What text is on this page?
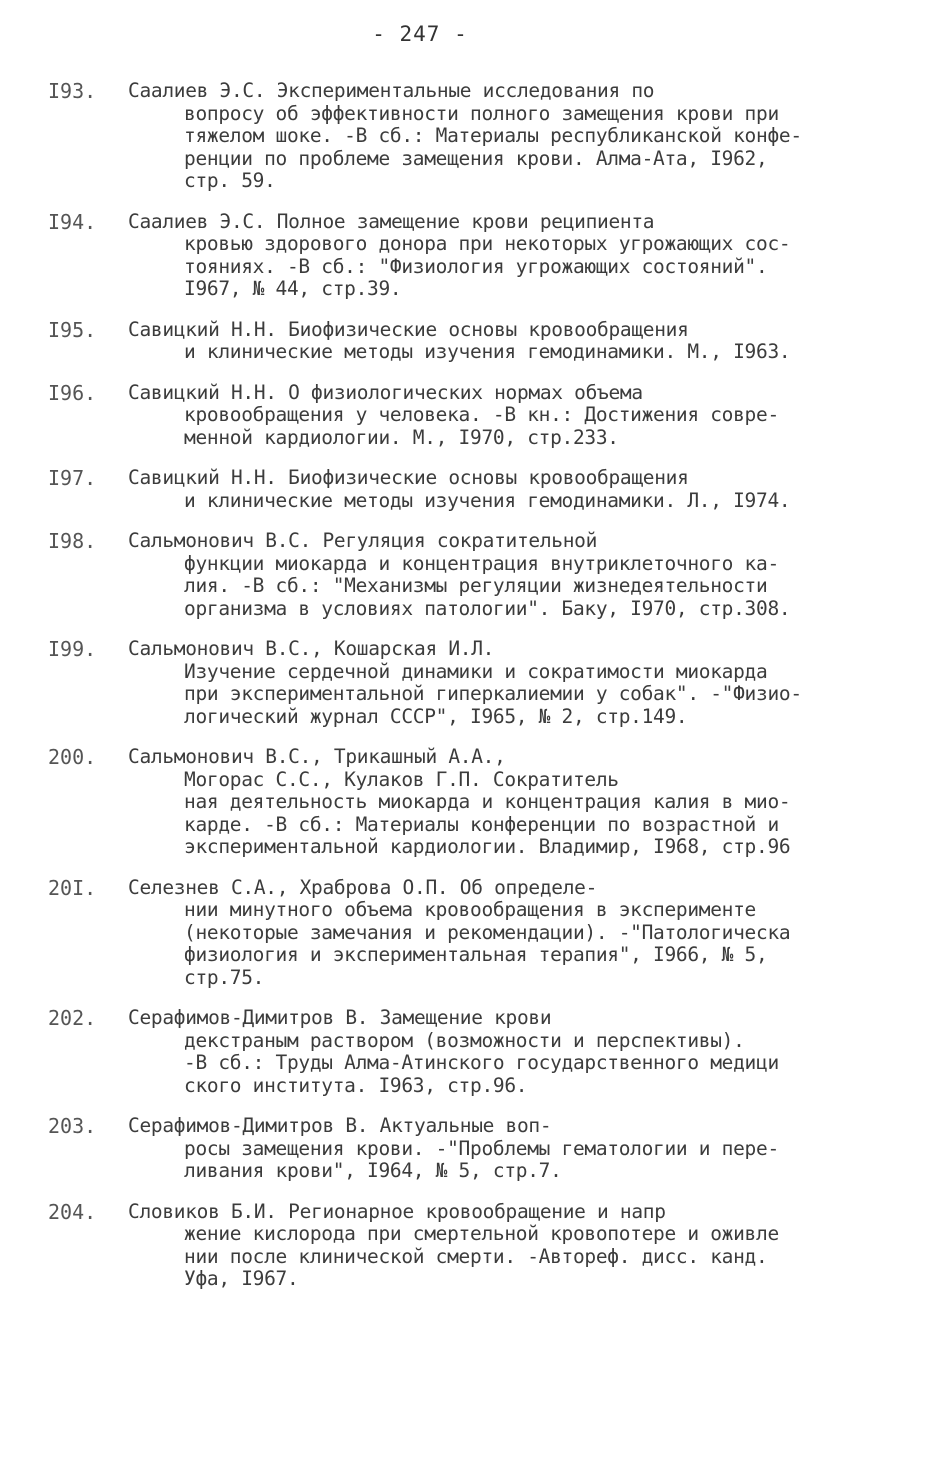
- 247 -
I93.	Саалиев Э.С. Экспериментальные исследования по
вопросу об эффективности полного замещения крови при
тяжелом шоке. -В сб.: Материалы республиканской конфе-
ренции по проблеме замещения крови. Алма-Ата, I962,
стр. 59.
I94.	Саалиев Э.С. Полное замещение крови реципиента
кровью здорового донора при некоторых угрожающих сос-
тояниях. -В сб.: "Физиология угрожающих состояний".
I967, № 44, стр.39.
I95.	Савицкий Н.Н. Биофизические основы кровообращения
и клинические методы изучения гемодинамики. М., I963.
I96.	Савицкий Н.Н. О физиологических нормах объема
кровообращения у человека. -В кн.: Достижения совре-
менной кардиологии. М., I970, стр.233.
I97.	Савицкий Н.Н. Биофизические основы кровообращения
и клинические методы изучения гемодинамики. Л., I974.
I98.	Сальмонович В.С. Регуляция сократительной
функции миокарда и концентрация внутриклеточного ка-
лия. -В сб.: "Механизмы регуляции жизнедеятельности
организма в условиях патологии". Баку, I970, стр.308.
I99.	Сальмонович В.С., Кошарская И.Л.
Изучение сердечной динамики и сократимости миокарда
при экспериментальной гиперкалиемии у собак". -"Физио-
логический журнал СССР", I965, № 2, стр.149.
200.	Сальмонович В.С., Трикашный А.А.,
Могорас С.С., Кулаков Г.П. Сократитель
ная деятельность миокарда и концентрация калия в мио-
карде. -В сб.: Материалы конференции по возрастной и
экспериментальной кардиологии. Владимир, I968, стр.96
20I.	Селезнев С.А., Храброва О.П. Об определе-
нии минутного объема кровообращения в эксперименте
(некоторые замечания и рекомендации). -"Патологическа
физиология и экспериментальная терапия", I966, № 5,
стр.75.
202.	Серафимов-Димитров В. Замещение крови
декстраным раствором (возможности и перспективы).
-В сб.: Труды Алма-Атинского государственного медици
ского института. I963, стр.96.
203.	Серафимов-Димитров В. Актуальные воп-
росы замещения крови. -"Проблемы гематологии и пере-
ливания крови", I964, № 5, стр.7.
204.	Словиков Б.И. Регионарное кровообращение и напр
жение кислорода при смертельной кровопотере и оживле
нии после клинической смерти. -Автореф. дисс. канд.
Уфа, I967.
